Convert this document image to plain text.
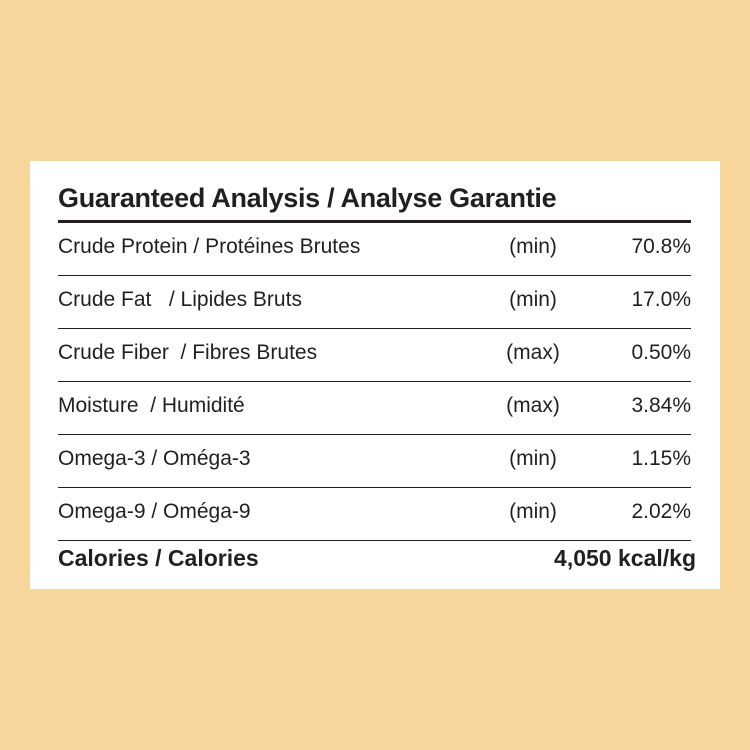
Guaranteed Analysis / Analyse Garantie
Crude Protein / Protéines Brutes	(min)	70.8%
Crude Fat   / Lipides Bruts	(min)	17.0%
Crude Fiber  / Fibres Brutes	(max)	0.50%
Moisture  / Humidité	(max)	3.84%
Omega-3 / Oméga-3	(min)	1.15%
Omega-9 / Oméga-9	(min)	2.02%
Calories / Calories	4,050 kcal/kg
